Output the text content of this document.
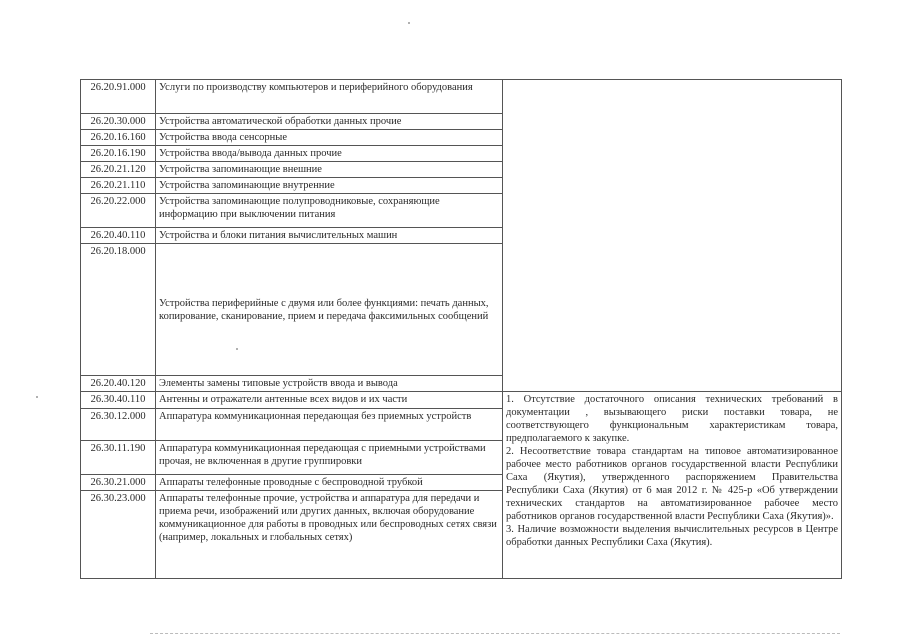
26.20.91.000	Услуги по производству компьютеров и периферийного оборудования	
26.20.30.000	Устройства автоматической обработки данных прочие	
26.20.16.160	Устройства ввода сенсорные	
26.20.16.190	Устройства ввода/вывода данных прочие	
26.20.21.120	Устройства запоминающие внешние	
26.20.21.110	Устройства запоминающие внутренние	
26.20.22.000	Устройства запоминающие полупроводниковые, сохраняющие информацию при выключении питания	
26.20.40.110	Устройства и блоки питания вычислительных машин	
26.20.18.000	Устройства периферийные с двумя или более функциями: печать данных, копирование, сканирование, прием и передача факсимильных сообщений	
26.20.40.120	Элементы замены типовые устройств ввода и вывода	
26.30.40.110	Антенны и отражатели антенные всех видов и их части	1. Отсутствие достаточного описания технических требований в документации , вызывающего риски поставки товара, не соответствующего функциональным характеристикам товара, предполагаемого к закупке.
2. Несоответствие товара стандартам на типовое автоматизированное рабочее место работников органов государственной власти Республики Саха (Якутия), утвержденного распоряжением Правительства Республики Саха (Якутия) от 6 мая 2012 г. № 425-р «Об утверждении технических стандартов на автоматизированное рабочее место работников органов государственной власти Республики Саха (Якутия)».
3. Наличие возможности выделения вычислительных ресурсов в Центре обработки данных Республики Саха (Якутия).

26.30.12.000	Аппаратура коммуникационная передающая без приемных устройств	
26.30.11.190	Аппаратура коммуникационная передающая с приемными устройствами прочая, не включенная в другие группировки	
26.30.21.000	Аппараты телефонные проводные с беспроводной трубкой	
26.30.23.000	Аппараты телефонные прочие, устройства и аппаратура для передачи и приема речи, изображений или других данных, включая оборудование коммуникационное для работы в проводных или беспроводных сетях связи (например, локальных и глобальных сетях)	
